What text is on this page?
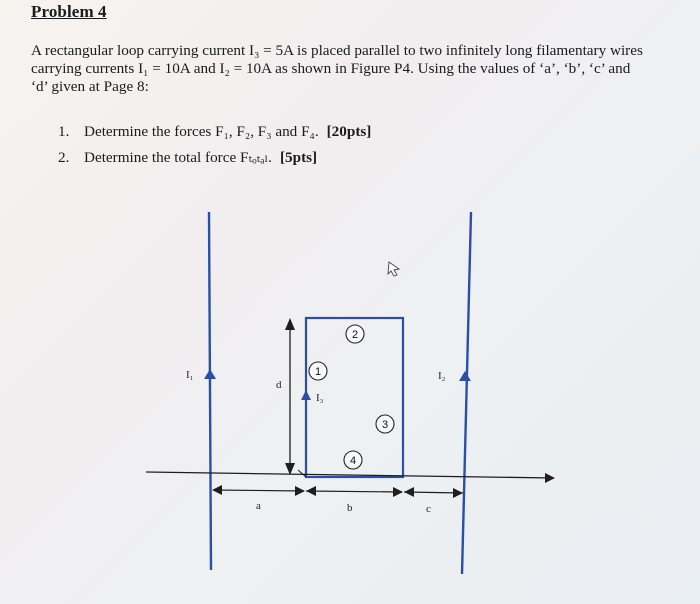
Problem 4
A rectangular loop carrying current I₃ = 5A is placed parallel to two infinitely long filamentary wires
carrying currents I₁ = 10A and I₂ = 10A as shown in Figure P4. Using the values of ‘a’, ‘b’, ‘c’ and
‘d’ given at Page 8:
1. Determine the forces F₁, F₂, F₃ and F₄. [20pts]
2. Determine the total force Fₜₒₜₐₗ. [5pts]
I₁	I₂
I₃
d
a	b	c
1
2
3
4
